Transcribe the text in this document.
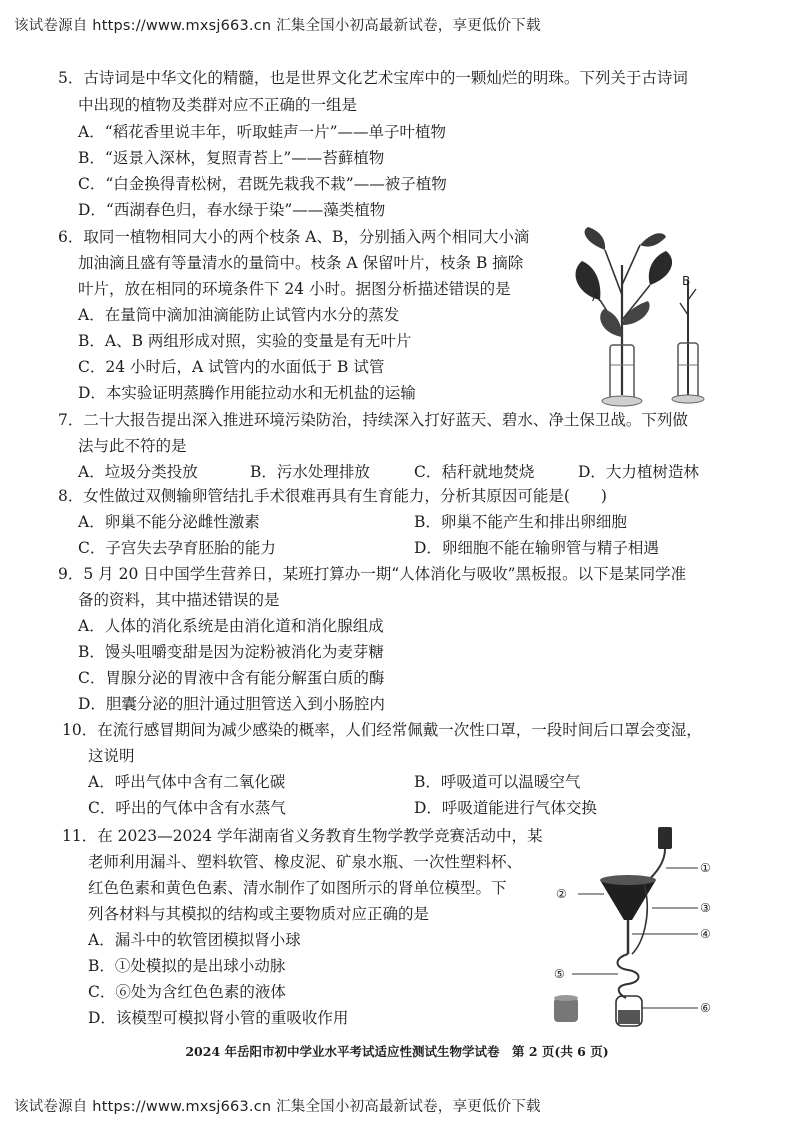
该试卷源自 https://www.mxsj663.cn 汇集全国小初高最新试卷，享更低价下载
5．古诗词是中华文化的精髓，也是世界文化艺术宝库中的一颗灿烂的明珠。下列关于古诗词
中出现的植物及类群对应不正确的一组是
A．“稻花香里说丰年，听取蛙声一片”——单子叶植物
B．“返景入深林，复照青苔上”——苔藓植物
C．“白金换得青松树，君既先栽我不栽”——被子植物
D．“西湖春色归，春水绿于染”——藻类植物
6．取同一植物相同大小的两个枝条 A、B，分别插入两个相同大小滴
加油滴且盛有等量清水的量筒中。枝条 A 保留叶片，枝条 B 摘除
叶片，放在相同的环境条件下 24 小时。据图分析描述错误的是
A．在量筒中滴加油滴能防止试管内水分的蒸发
B．A、B 两组形成对照，实验的变量是有无叶片
C．24 小时后，A 试管内的水面低于 B 试管
D．本实验证明蒸腾作用能拉动水和无机盐的运输
A
B
7．二十大报告提出深入推进环境污染防治，持续深入打好蓝天、碧水、净土保卫战。下列做
法与此不符的是
A．垃圾分类投放	B．污水处理排放	C．秸秆就地焚烧	D．大力植树造林
8．女性做过双侧输卵管结扎手术很难再具有生育能力，分析其原因可能是(　　)
A．卵巢不能分泌雌性激素	B．卵巢不能产生和排出卵细胞
C．子宫失去孕育胚胎的能力	D．卵细胞不能在输卵管与精子相遇
9．5 月 20 日中国学生营养日，某班打算办一期“人体消化与吸收”黑板报。以下是某同学准
备的资料，其中描述错误的是
A．人体的消化系统是由消化道和消化腺组成
B．馒头咀嚼变甜是因为淀粉被消化为麦芽糖
C．胃腺分泌的胃液中含有能分解蛋白质的酶
D．胆囊分泌的胆汁通过胆管送入到小肠腔内
10．在流行感冒期间为减少感染的概率，人们经常佩戴一次性口罩，一段时间后口罩会变湿，
这说明
A．呼出气体中含有二氧化碳	B．呼吸道可以温暖空气
C．呼出的气体中含有水蒸气	D．呼吸道能进行气体交换
11．在 2023—2024 学年湖南省义务教育生物学教学竞赛活动中，某
老师利用漏斗、塑料软管、橡皮泥、矿泉水瓶、一次性塑料杯、
红色色素和黄色色素、清水制作了如图所示的肾单位模型。下
列各材料与其模拟的结构或主要物质对应正确的是
A．漏斗中的软管团模拟肾小球
B．①处模拟的是出球小动脉
C．⑥处为含红色色素的液体
D．该模型可模拟肾小管的重吸收作用
①
②
③
④
⑤
⑥
2024 年岳阳市初中学业水平考试适应性测试生物学试卷　第 2 页(共 6 页)
该试卷源自 https://www.mxsj663.cn 汇集全国小初高最新试卷，享更低价下载
